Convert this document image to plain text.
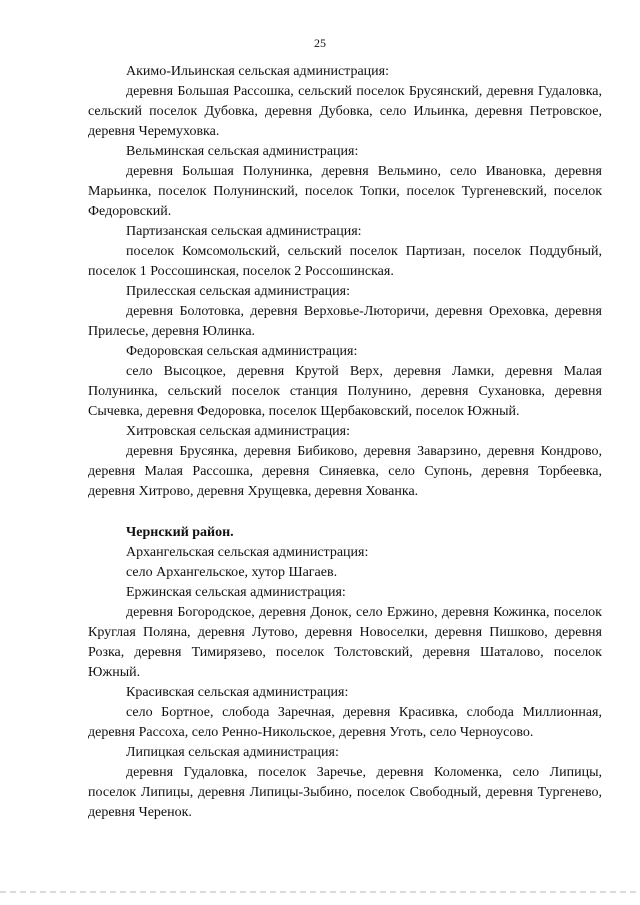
25

Акимо-Ильинская сельская администрация:

деревня Большая Рассошка, сельский поселок Брусянский, деревня Гудаловка, сельский поселок Дубовка, деревня Дубовка, село Ильинка, деревня Петровское, деревня Черемуховка.

Вельминская сельская администрация:

деревня Большая Полунинка, деревня Вельмино, село Ивановка, деревня Марьинка, поселок Полунинский, поселок Топки, поселок Тургеневский, поселок Федоровский.

Партизанская сельская администрация:

поселок Комсомольский, сельский поселок Партизан, поселок Поддубный, поселок 1 Россошинская, поселок 2 Россошинская.

Прилесская сельская администрация:

деревня Болотовка, деревня Верховье-Лютоpичи, деревня Ореховка, деревня Прилесье, деревня Юлинка.

Федоровская сельская администрация:

село Высоцкое, деревня Крутой Верх, деревня Ламки, деревня Малая Полунинка, сельский поселок станция Полунино, деревня Сухановка, деревня Сычевка, деревня Федоровка, поселок Щербаковский, поселок Южный.

Хитровская сельская администрация:

деревня Брусянка, деревня Бибиково, деревня Заварзино, деревня Кондрово, деревня Малая Рассошка, деревня Синяевка, село Супонь, деревня Торбеевка, деревня Хитрово, деревня Хрущевка, деревня Хованка.

Чернский район.

Архангельская сельская администрация:

село Архангельское, хутор Шагаев.

Ержинская сельская администрация:

деревня Богородское, деревня Донок, село Ержино, деревня Кожинка, поселок Круглая Поляна, деревня Лутово, деревня Новоселки, деревня Пишково, деревня Розка, деревня Тимирязево, поселок Толстовский, деревня Шаталово, поселок Южный.

Красивская сельская администрация:

село Бортное, слобода Заречная, деревня Красивка, слобода Миллионная, деревня Рассоха, село Ренно-Никольское, деревня Уготь, село Черноусово.

Липицкая сельская администрация:

деревня Гудаловка, поселок Заречье, деревня Коломенка, село Липицы, поселок Липицы, деревня Липицы-Зыбино, поселок Свободный, деревня Тургенево, деревня Черенок.
